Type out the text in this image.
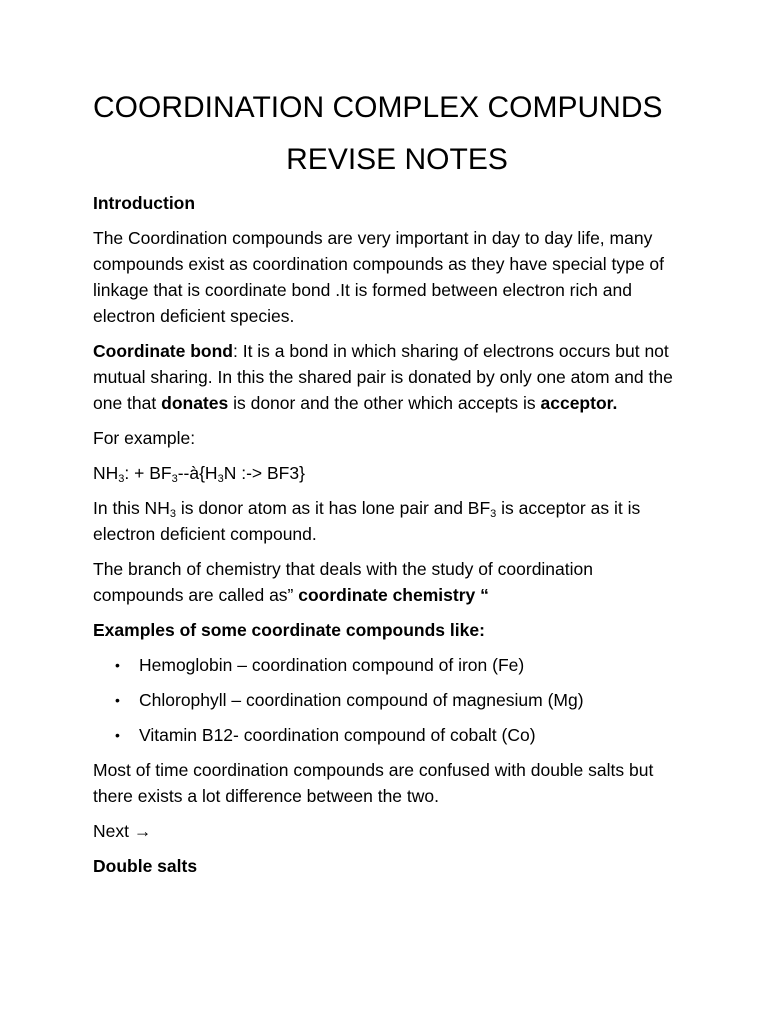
COORDINATION COMPLEX COMPUNDS
REVISE NOTES

Introduction

The Coordination compounds are very important in day to day life, many compounds exist as coordination compounds as they have special type of linkage that is coordinate bond .It is formed between electron rich and electron deficient species.

Coordinate bond: It is a bond in which sharing of electrons occurs but not mutual sharing. In this the shared pair is donated by only one atom and the one that donates is donor and the other which accepts is acceptor.

For example:

$NH_3$: + $BF_3--à\{H_3N$ :-> BF3}

In this $NH_3$ is donor atom as it has lone pair and $BF_3$ is acceptor as it is electron deficient compound.

The branch of chemistry that deals with the study of coordination compounds are called as” coordinate chemistry “

Examples of some coordinate compounds like:

• Hemoglobin – coordination compound of iron (Fe)
• Chlorophyll – coordination compound of magnesium (Mg)
• Vitamin B12- coordination compound of cobalt (Co)

Most of time coordination compounds are confused with double salts but there exists a lot difference between the two.

Next →

Double salts
